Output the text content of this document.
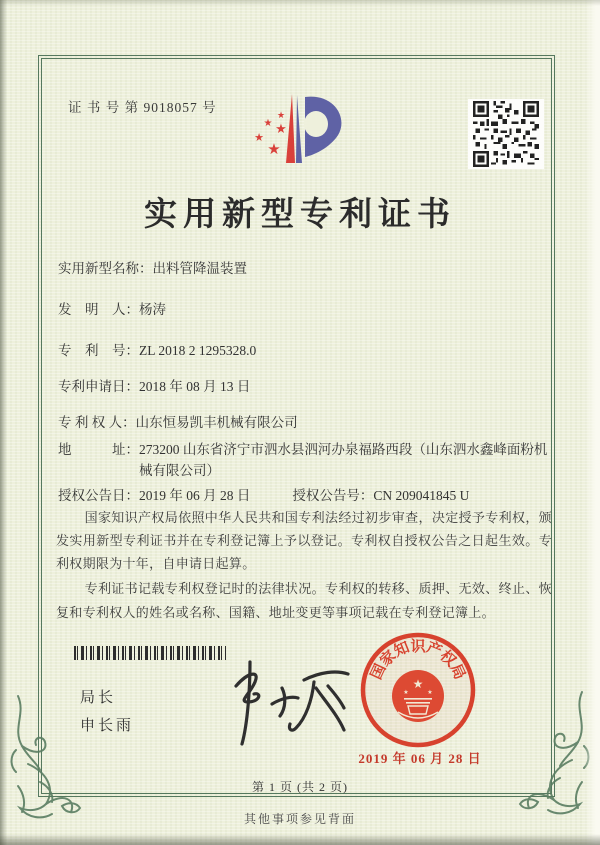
证 书 号 第 9018057 号
★
★ ★
★
★
实用新型专利证书
实用新型名称： 出料管降温装置
发　明　人： 杨涛
专　利　号： ZL 2018 2 1295328.0
专利申请日： 2018 年 08 月 13 日
专 利 权 人： 山东恒易凯丰机械有限公司
地　　　址： 273200 山东省济宁市泗水县泗河办泉福路西段（山东泗水鑫峰面粉机械有限公司）
授权公告日： 2019 年 06 月 28 日	授权公告号： CN 209041845 U

国家知识产权局依照中华人民共和国专利法经过初步审查，决定授予专利权，颁发实用新型专利证书并在专利登记簿上予以登记。专利权自授权公告之日起生效。专利权期限为十年，自申请日起算。

专利证书记载专利权登记时的法律状况。专利权的转移、质押、无效、终止、恢复和专利权人的姓名或名称、国籍、地址变更等事项记载在专利登记簿上。

局长
申长雨
国
家
知
识
产
权
局
★
★	★
2019 年 06 月 28 日
第 1 页 (共 2 页)
其他事项参见背面
